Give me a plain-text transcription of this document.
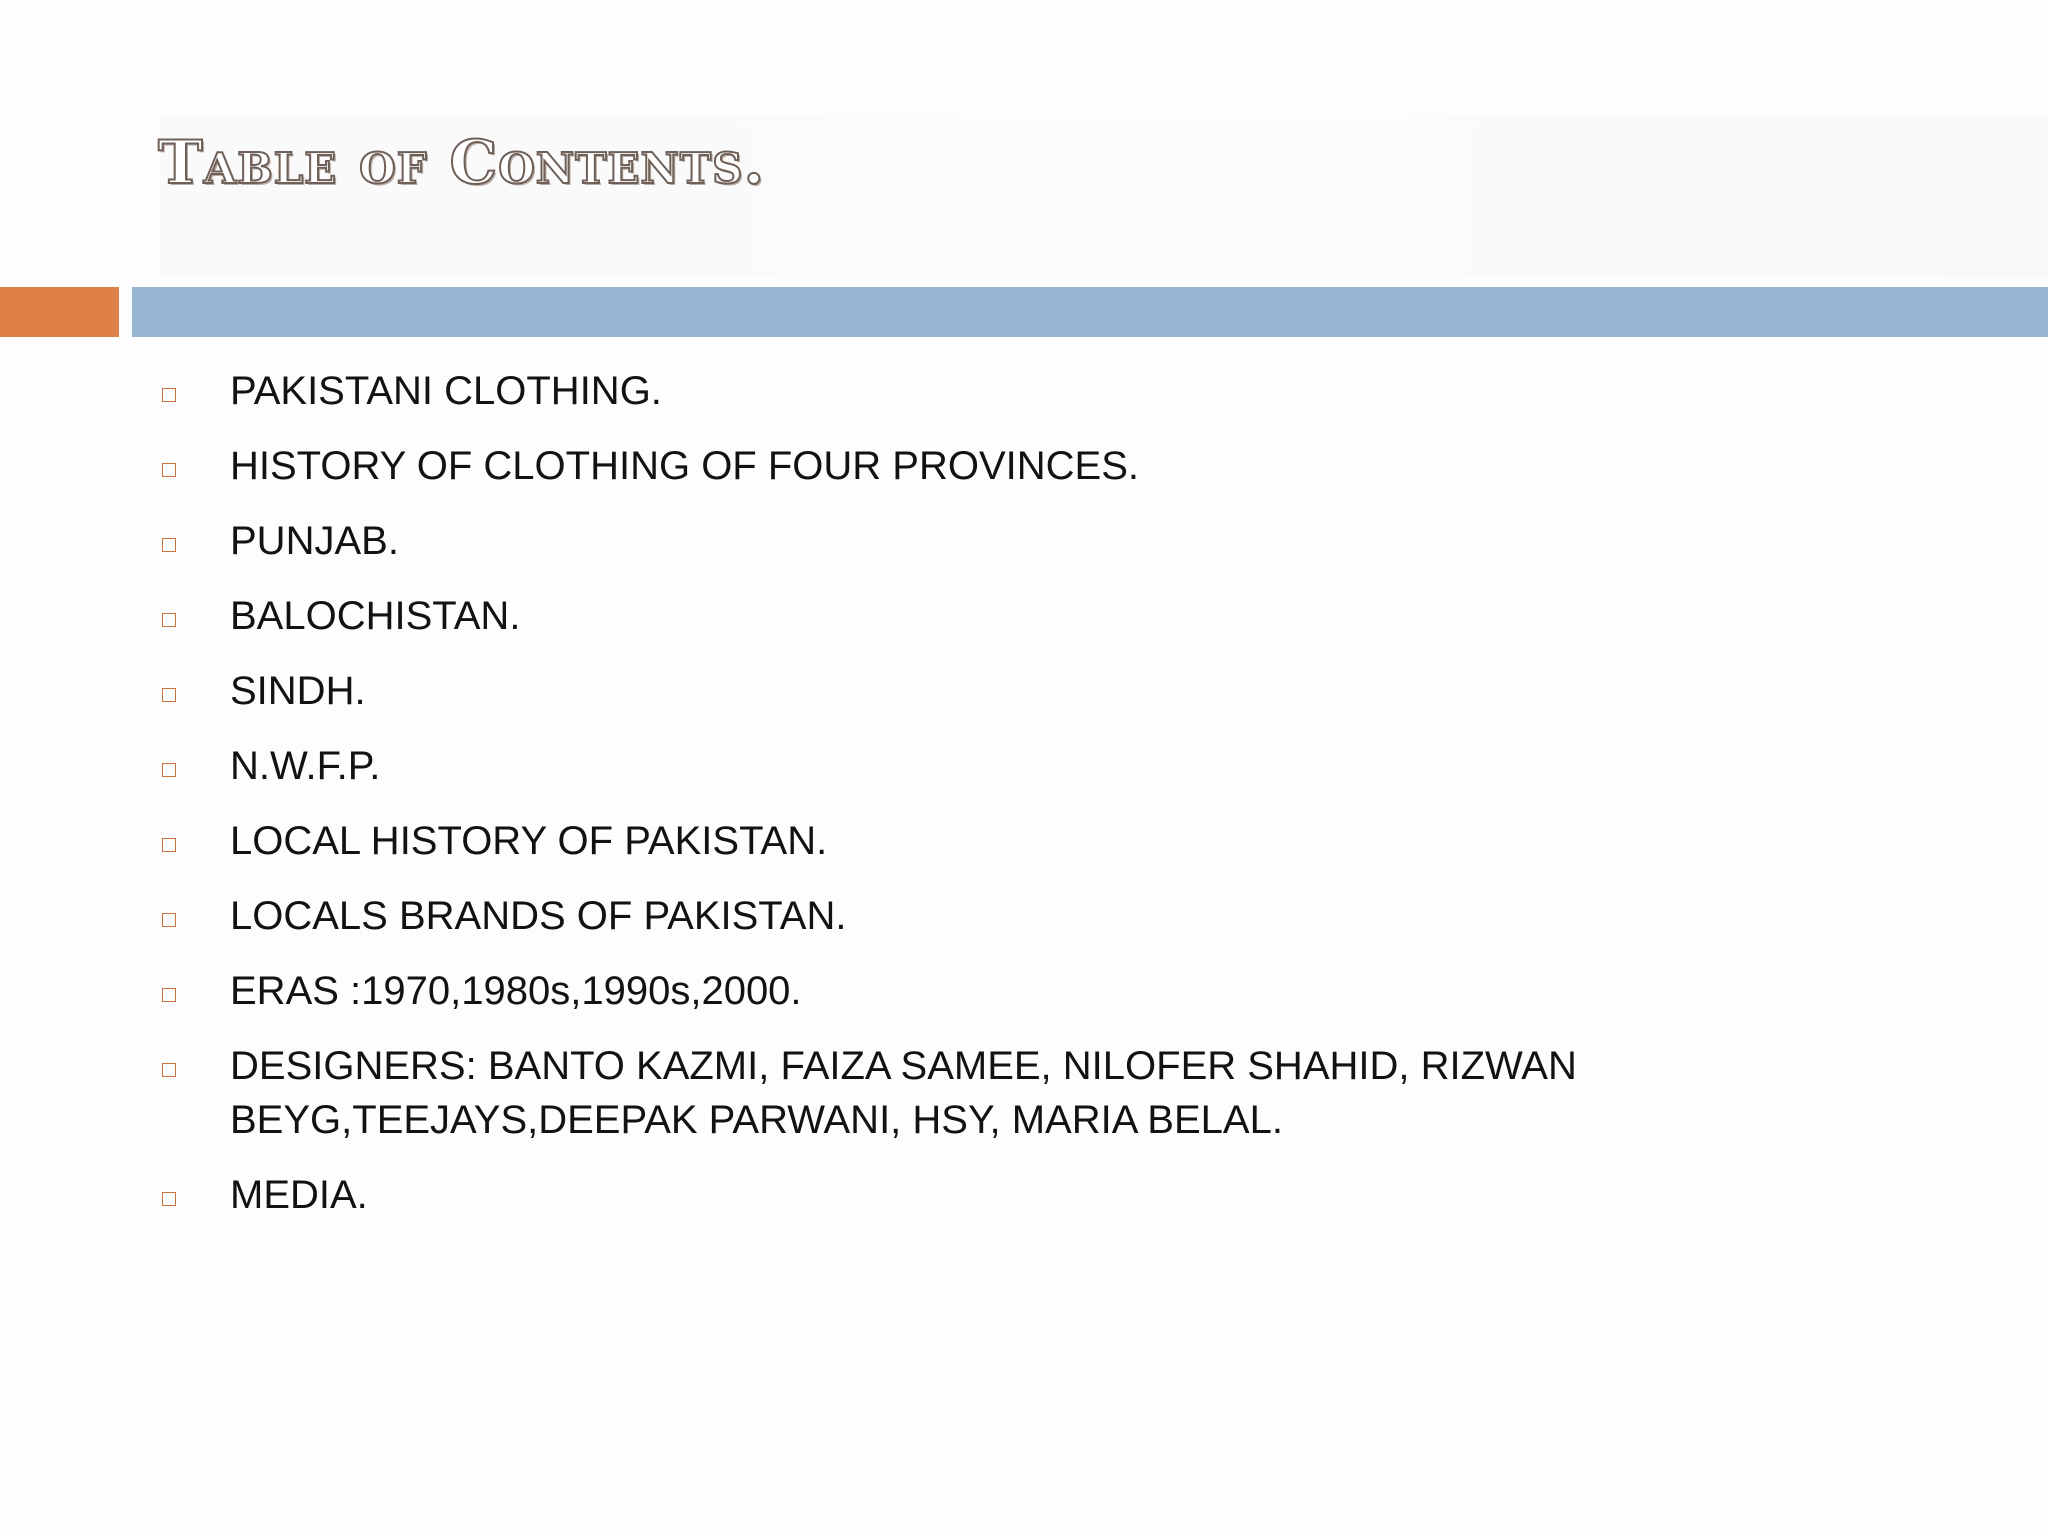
Table of Contents.
PAKISTANI CLOTHING.
HISTORY OF CLOTHING OF FOUR PROVINCES.
PUNJAB.
BALOCHISTAN.
SINDH.
N.W.F.P.
LOCAL HISTORY OF PAKISTAN.
LOCALS BRANDS OF PAKISTAN.
ERAS :1970,1980s,1990s,2000.
DESIGNERS: BANTO KAZMI, FAIZA SAMEE, NILOFER SHAHID, RIZWAN BEYG,TEEJAYS,DEEPAK PARWANI, HSY, MARIA BELAL.
MEDIA.
